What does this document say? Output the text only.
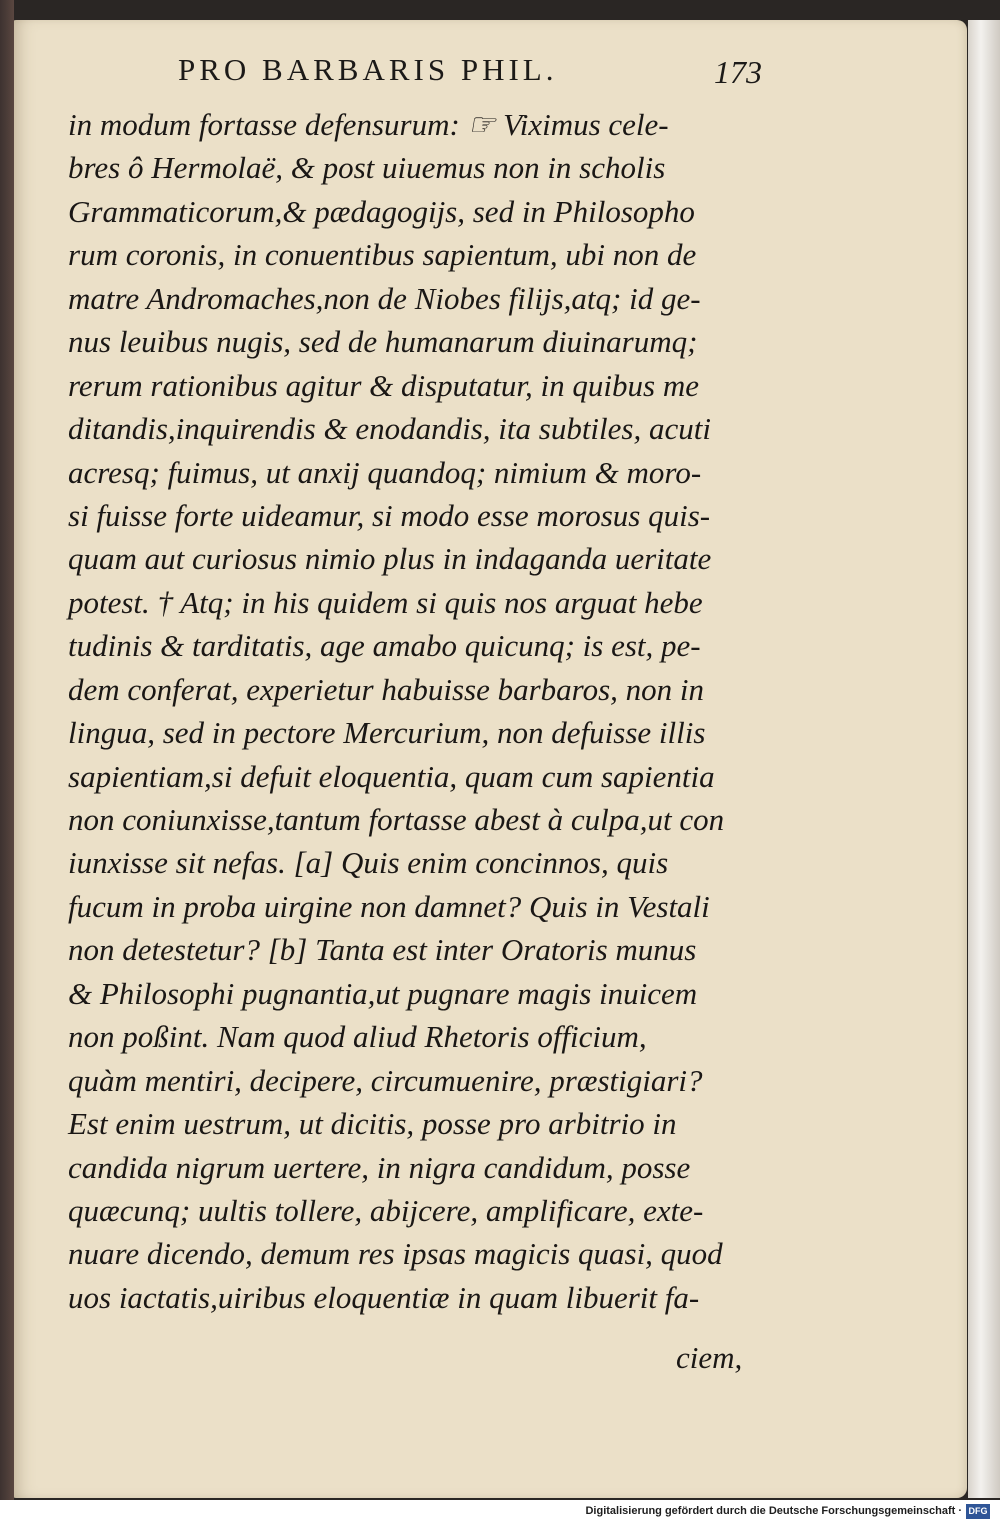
PRO BARBARIS PHIL.	173
in modum fortasse defensurum: ☞ Viximus cele-
bres ô Hermolaë, & post uiuemus non in scholis
Grammaticorum,& pædagogijs, sed in Philosopho
rum coronis, in conuentibus sapientum, ubi non de
matre Andromaches,non de Niobes filijs,atq; id ge-
nus leuibus nugis, sed de humanarum diuinarumq;
rerum rationibus agitur & disputatur, in quibus me
ditandis,inquirendis & enodandis, ita subtiles, acuti
acresq; fuimus, ut anxij quandoq; nimium & moro-
si fuisse forte uideamur, si modo esse morosus quis-
quam aut curiosus nimio plus in indaganda ueritate
potest. † Atq; in his quidem si quis nos arguat hebe
tudinis & tarditatis, age amabo quicunq; is est, pe-
dem conferat, experietur habuisse barbaros, non in
lingua, sed in pectore Mercurium, non defuisse illis
sapientiam,si defuit eloquentia, quam cum sapientia
non coniunxisse,tantum fortasse abest à culpa,ut con
iunxisse sit nefas. [a] Quis enim concinnos, quis
fucum in proba uirgine non damnet? Quis in Vestali
non detestetur? [b] Tanta est inter Oratoris munus
& Philosophi pugnantia,ut pugnare magis inuicem
non poßint. Nam quod aliud Rhetoris officium,
quàm mentiri, decipere, circumuenire, præstigiari?
Est enim uestrum, ut dicitis, posse pro arbitrio in
candida nigrum uertere, in nigra candidum, posse
quæcunq; uultis tollere, abijcere, amplificare, exte-
nuare dicendo, demum res ipsas magicis quasi, quod
uos iactatis,uiribus eloquentiæ in quam libuerit fa-
ciem,
Digitalisierung gefördert durch die Deutsche Forschungsgemeinschaft · DFG
